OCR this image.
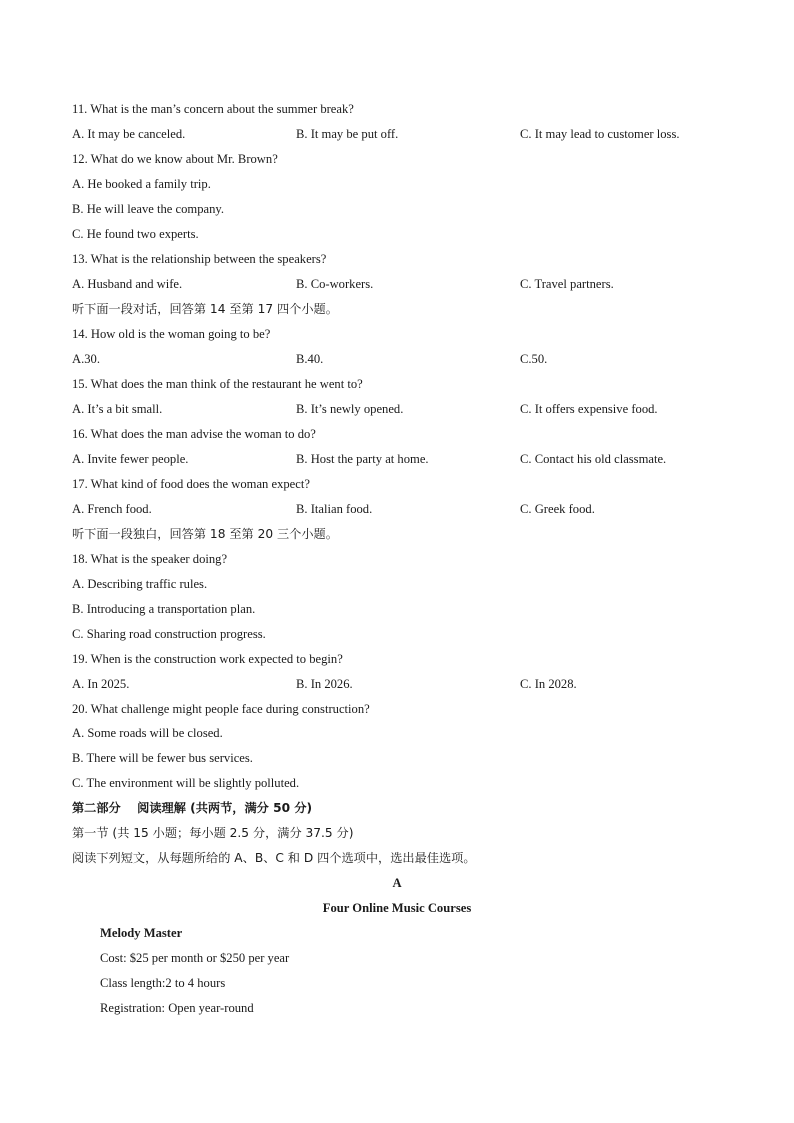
11. What is the man’s concern about the summer break?
A. It may be canceled.	B. It may be put off.	C. It may lead to customer loss.
12. What do we know about Mr. Brown?
A. He booked a family trip.
B. He will leave the company.
C. He found two experts.
13. What is the relationship between the speakers?
A. Husband and wife.	B. Co-workers.	C. Travel partners.
听下面一段对话，回答第 14 至第 17 四个小题。
14. How old is the woman going to be?
A.30.	B.40.	C.50.
15. What does the man think of the restaurant he went to?
A. It’s a bit small.	B. It’s newly opened.	C. It offers expensive food.
16. What does the man advise the woman to do?
A. Invite fewer people.	B. Host the party at home.	C. Contact his old classmate.
17. What kind of food does the woman expect?
A. French food.	B. Italian food.	C. Greek food.
听下面一段独白，回答第 18 至第 20 三个小题。
18. What is the speaker doing?
A. Describing traffic rules.
B. Introducing a transportation plan.
C. Sharing road construction progress.
19. When is the construction work expected to begin?
A. In 2025.	B. In 2026.	C. In 2028.
20. What challenge might people face during construction?
A. Some roads will be closed.
B. There will be fewer bus services.
C. The environment will be slightly polluted.
第二部分　 阅读理解 (共两节，满分 50 分)
第一节 (共 15 小题；每小题 2.5 分，满分 37.5 分)
阅读下列短文，从每题所给的 A、B、C 和 D 四个选项中，选出最佳选项。
A
Four Online Music Courses
Melody Master
Cost: $25 per month or $250 per year
Class length:2 to 4 hours
Registration: Open year-round
